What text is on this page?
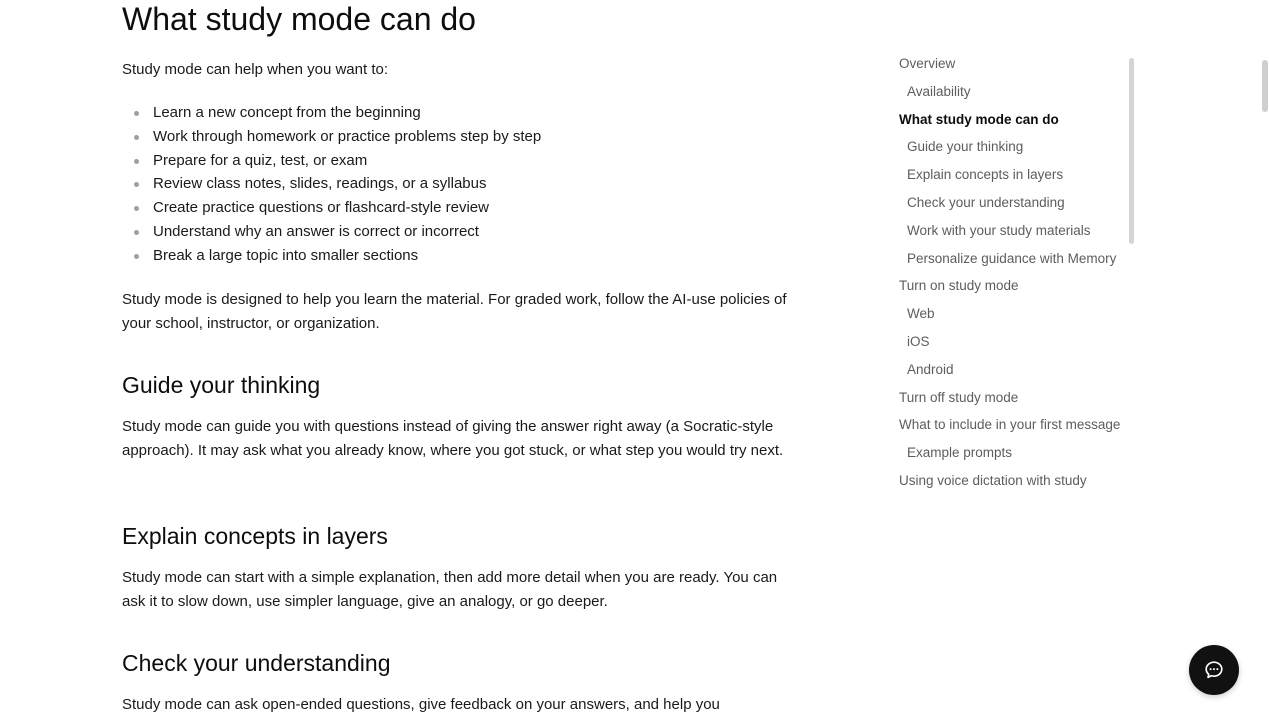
What study mode can do

Study mode can help when you want to:

Learn a new concept from the beginning
Work through homework or practice problems step by step
Prepare for a quiz, test, or exam
Review class notes, slides, readings, or a syllabus
Create practice questions or flashcard-style review
Understand why an answer is correct or incorrect
Break a large topic into smaller sections

Study mode is designed to help you learn the material. For graded work, follow the AI-use policies of your school, instructor, or organization.

Guide your thinking

Study mode can guide you with questions instead of giving the answer right away (a Socratic-style approach). It may ask what you already know, where you got stuck, or what step you would try next.

Explain concepts in layers

Study mode can start with a simple explanation, then add more detail when you are ready. You can ask it to slow down, use simpler language, give an analogy, or go deeper.

Check your understanding

Study mode can ask open-ended questions, give feedback on your answers, and help you

Overview
Availability
What study mode can do
Guide your thinking
Explain concepts in layers
Check your understanding
Work with your study materials
Personalize guidance with Memory
Turn on study mode
Web
iOS
Android
Turn off study mode
What to include in your first message
Example prompts
Using voice dictation with study
